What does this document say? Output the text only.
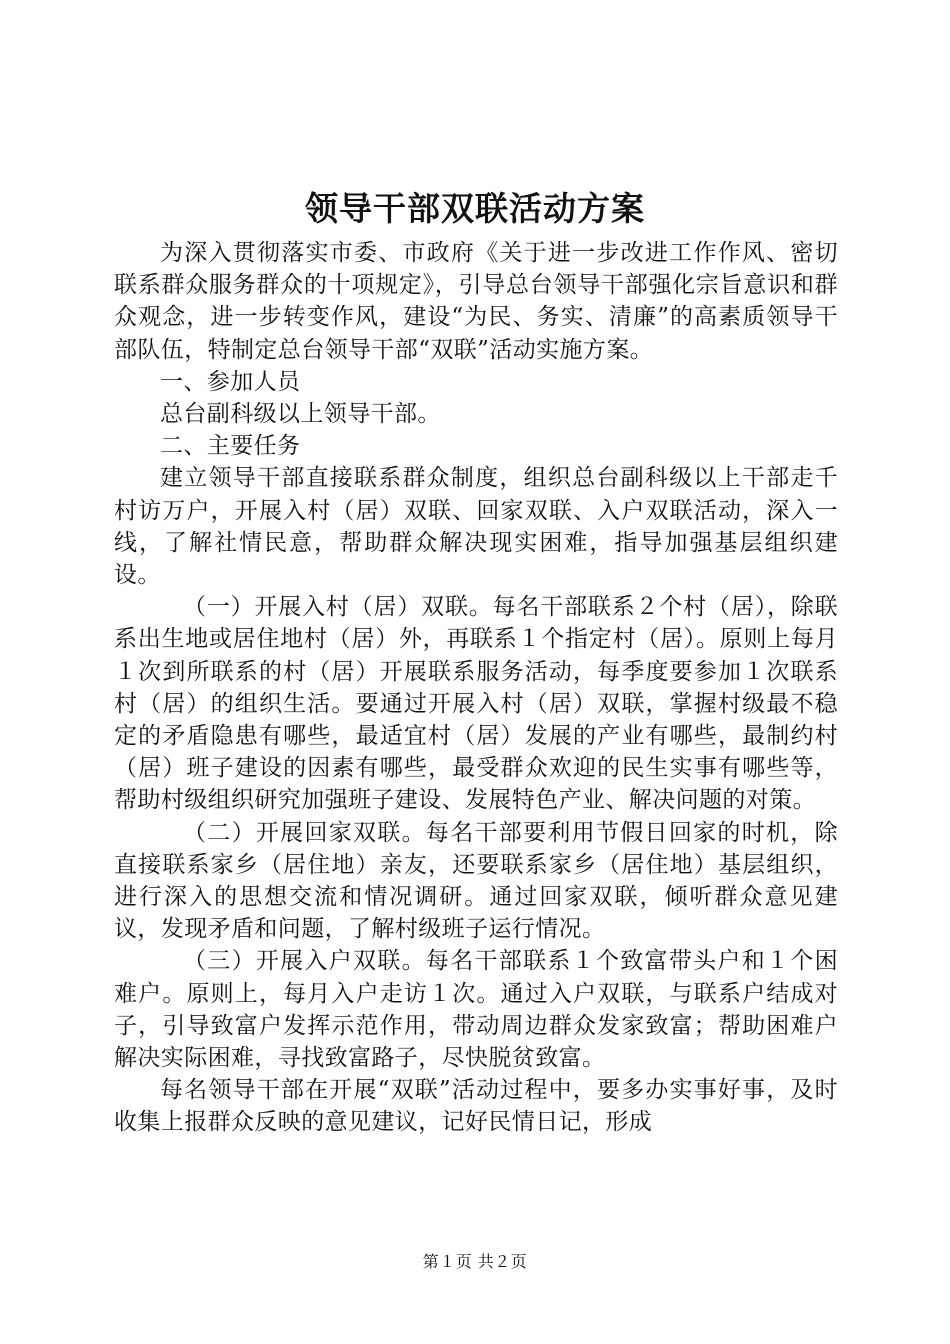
领导干部双联活动方案

为深入贯彻落实市委、市政府《关于进一步改进工作作风、密切联系群众服务群众的十项规定》，引导总台领导干部强化宗旨意识和群众观念，进一步转变作风，建设“为民、务实、清廉”的高素质领导干部队伍，特制定总台领导干部“双联”活动实施方案。

一、参加人员

总台副科级以上领导干部。

二、主要任务

建立领导干部直接联系群众制度，组织总台副科级以上干部走千村访万户，开展入村（居）双联、回家双联、入户双联活动，深入一线，了解社情民意，帮助群众解决现实困难，指导加强基层组织建设。

（一）开展入村（居）双联。每名干部联系２个村（居），除联系出生地或居住地村（居）外，再联系１个指定村（居）。原则上每月１次到所联系的村（居）开展联系服务活动，每季度要参加１次联系村（居）的组织生活。要通过开展入村（居）双联，掌握村级最不稳定的矛盾隐患有哪些，最适宜村（居）发展的产业有哪些，最制约村（居）班子建设的因素有哪些，最受群众欢迎的民生实事有哪些等，帮助村级组织研究加强班子建设、发展特色产业、解决问题的对策。

（二）开展回家双联。每名干部要利用节假日回家的时机，除直接联系家乡（居住地）亲友，还要联系家乡（居住地）基层组织，进行深入的思想交流和情况调研。通过回家双联，倾听群众意见建议，发现矛盾和问题，了解村级班子运行情况。

（三）开展入户双联。每名干部联系１个致富带头户和１个困难户。原则上，每月入户走访１次。通过入户双联，与联系户结成对子，引导致富户发挥示范作用，带动周边群众发家致富；帮助困难户解决实际困难，寻找致富路子，尽快脱贫致富。

每名领导干部在开展“双联”活动过程中，要多办实事好事，及时收集上报群众反映的意见建议，记好民情日记，形成

第１页 共２页
